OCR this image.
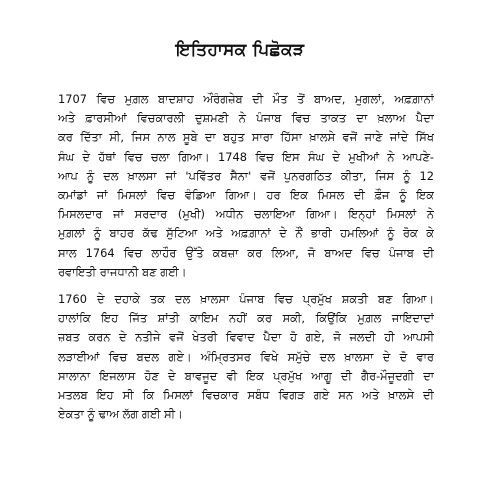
ਇਤਿਹਾਸਕ ਪਿਛੋਕੜ

1707 ਵਿਚ ਮੁਗ਼ਲ ਬਾਦਸ਼ਾਹ ਔਰੰਗਜ਼ੇਬ ਦੀ ਮੌਤ ਤੋਂ ਬਾਅਦ, ਮੁਗਲਾਂ, ਅਫ਼ਗ਼ਾਨਾਂ
ਅਤੇ ਫ਼ਾਰਸੀਆਂ ਵਿਚਕਾਰਲੀ ਦੁਸ਼ਮਣੀ ਨੇ ਪੰਜਾਬ ਵਿਚ ਤਾਕਤ ਦਾ ਖ਼ਲਾਅ ਪੈਦਾ
ਕਰ ਦਿੱਤਾ ਸੀ, ਜਿਸ ਨਾਲ ਸੂਬੇ ਦਾ ਬਹੁਤ ਸਾਰਾ ਹਿੱਸਾ ਖ਼ਾਲਸੇ ਵਜੋਂ ਜਾਣੇ ਜਾਂਦੇ ਸਿੱਖ
ਸੰਘ ਦੇ ਹੱਥਾਂ ਵਿਚ ਚਲਾ ਗਿਆ। 1748 ਵਿਚ ਇਸ ਸੰਘ ਦੇ ਮੁਖੀਆਂ ਨੇ ਆਪਣੇ-
ਆਪ ਨੂੰ ਦਲ ਖ਼ਾਲਸਾ ਜਾਂ 'ਪਵਿੱਤਰ ਸੈਨਾ' ਵਜੋਂ ਪੁਨਰਗਠਿਤ ਕੀਤਾ, ਜਿਸ ਨੂੰ 12
ਕਮਾਂਡਾਂ ਜਾਂ ਮਿਸਲਾਂ ਵਿਚ ਵੰਡਿਆ ਗਿਆ। ਹਰ ਇਕ ਮਿਸਲ ਦੀ ਫ਼ੌਜ ਨੂੰ ਇਕ
ਮਿਸਲਦਾਰ ਜਾਂ ਸਰਦਾਰ (ਮੁਖੀ) ਅਧੀਨ ਚਲਾਇਆ ਗਿਆ। ਇਨ੍ਹਾਂ ਮਿਸਲਾਂ ਨੇ
ਮੁਗ਼ਲਾਂ ਨੂੰ ਬਾਹਰ ਕੱਢ ਸੁੱਟਿਆ ਅਤੇ ਅਫ਼ਗ਼ਾਨਾਂ ਦੇ ਨੌਂ ਭਾਰੀ ਹਮਲਿਆਂ ਨੂੰ ਰੋਕ ਕੇ
ਸਾਲ 1764 ਵਿਚ ਲਾਹੌਰ ਉੱਤੇ ਕਬਜ਼ਾ ਕਰ ਲਿਆ, ਜੋ ਬਾਅਦ ਵਿਚ ਪੰਜਾਬ ਦੀ
ਰਵਾਇਤੀ ਰਾਜਧਾਨੀ ਬਣ ਗਈ।

1760 ਦੇ ਦਹਾਕੇ ਤਕ ਦਲ ਖ਼ਾਲਸਾ ਪੰਜਾਬ ਵਿਚ ਪ੍ਰਮੁੱਖ ਸ਼ਕਤੀ ਬਣ ਗਿਆ।
ਹਾਲਾਂਕਿ ਇਹ ਜਿੱਤ ਸ਼ਾਂਤੀ ਕਾਇਮ ਨਹੀਂ ਕਰ ਸਕੀ, ਕਿਉਂਕਿ ਮੁਗ਼ਲ ਜਾਇਦਾਦਾਂ
ਜ਼ਬਤ ਕਰਨ ਦੇ ਨਤੀਜੇ ਵਜੋਂ ਖੇਤਰੀ ਵਿਵਾਦ ਪੈਦਾ ਹੋ ਗਏ, ਜੋ ਜਲਦੀ ਹੀ ਆਪਸੀ
ਲੜਾਈਆਂ ਵਿਚ ਬਦਲ ਗਏ। ਅੰਮ੍ਰਿਤਸਰ ਵਿਖੇ ਸਮੁੱਚੇ ਦਲ ਖ਼ਾਲਸਾ ਦੇ ਦੋ ਵਾਰ
ਸਾਲਾਨਾ ਇਜਲਾਸ ਹੋਣ ਦੇ ਬਾਵਜੂਦ ਵੀ ਇਕ ਪ੍ਰਮੁੱਖ ਆਗੂ ਦੀ ਗੈਰ-ਮੌਜੂਦਗੀ ਦਾ
ਮਤਲਬ ਇਹ ਸੀ ਕਿ ਮਿਸਲਾਂ ਵਿਚਕਾਰ ਸਬੰਧ ਵਿਗੜ ਗਏ ਸਨ ਅਤੇ ਖ਼ਾਲਸੇ ਦੀ
ਏਕਤਾ ਨੂੰ ਢਾਅ ਲੱਗ ਗਈ ਸੀ।
